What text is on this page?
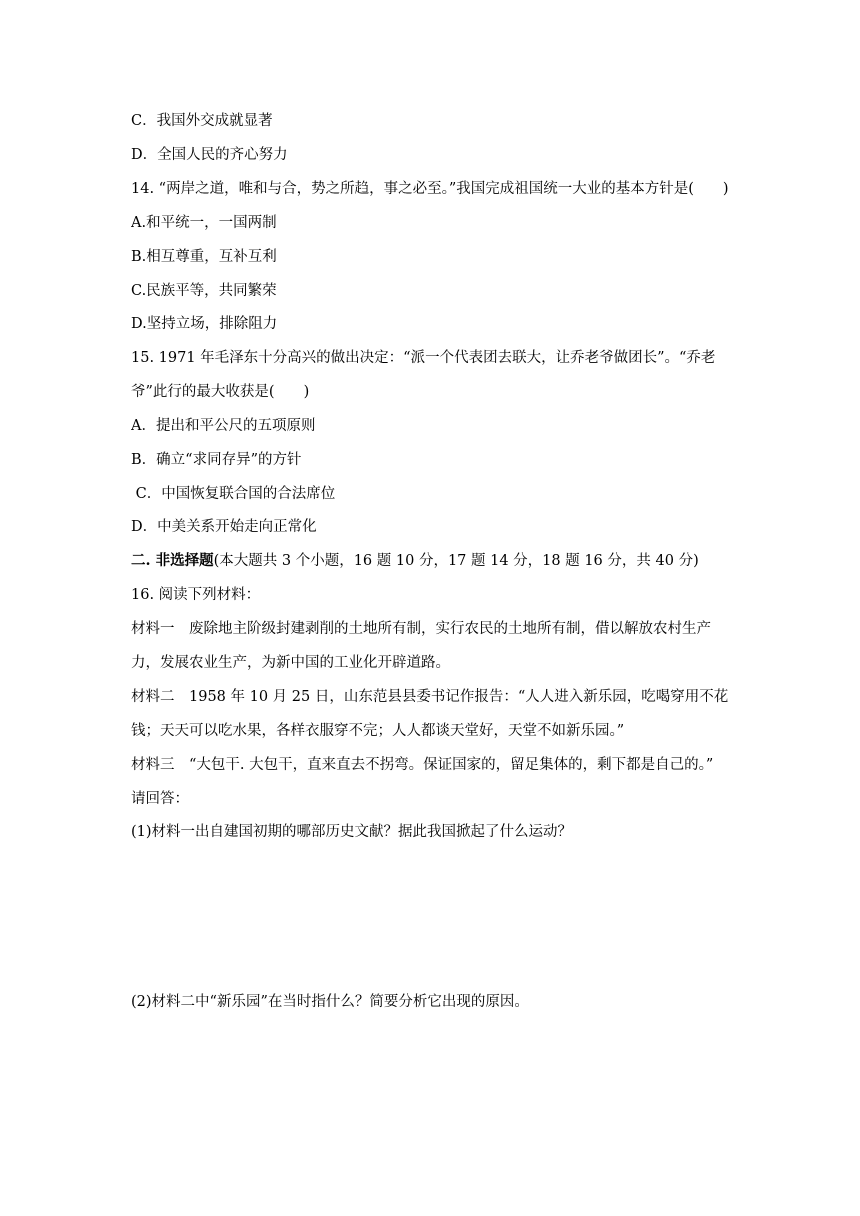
C．我国外交成就显著
D．全国人民的齐心努力
14. “两岸之道，唯和与合，势之所趋，事之必至。”我国完成祖国统一大业的基本方针是(　　)
A.和平统一，一国两制
B.相互尊重，互补互利
C.民族平等，共同繁荣
D.坚持立场，排除阻力
15. 1971 年毛泽东十分高兴的做出决定：“派一个代表团去联大，让乔老爷做团长”。“乔老
爷”此行的最大收获是(　　)
A．提出和平公尺的五项原则
B．确立“求同存异”的方针
C．中国恢复联合国的合法席位
D．中美关系开始走向正常化
二. 非选择题(本大题共 3 个小题，16 题 10 分，17 题 14 分，18 题 16 分，共 40 分)
16. 阅读下列材料：
材料一　废除地主阶级封建剥削的土地所有制，实行农民的土地所有制，借以解放农村生产
力，发展农业生产，为新中国的工业化开辟道路。
材料二　1958 年 10 月 25 日，山东范县县委书记作报告：“人人进入新乐园，吃喝穿用不花
钱；天天可以吃水果，各样衣服穿不完；人人都谈天堂好，天堂不如新乐园。”
材料三　“大包干. 大包干，直来直去不拐弯。保证国家的，留足集体的，剩下都是自己的。”
请回答：
(1)材料一出自建国初期的哪部历史文献？据此我国掀起了什么运动？
(2)材料二中“新乐园”在当时指什么？简要分析它出现的原因。
